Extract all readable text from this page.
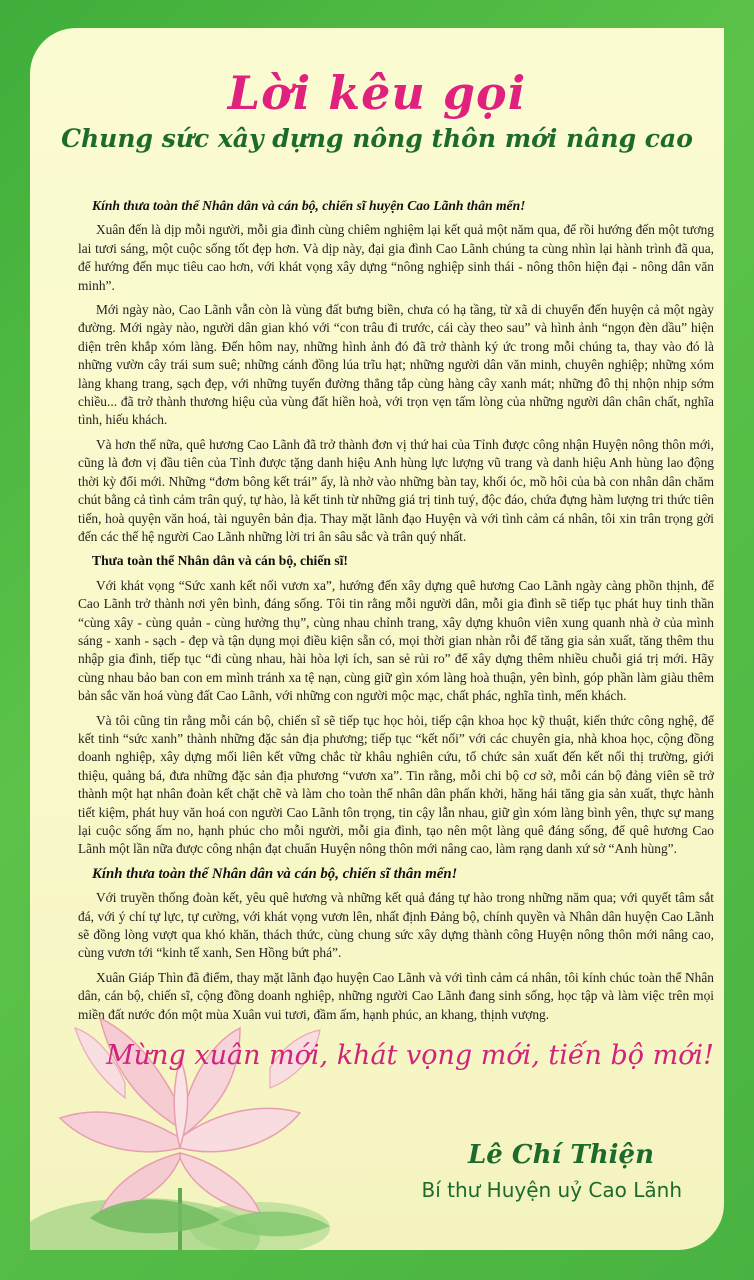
Lời kêu gọi
Chung sức xây dựng nông thôn mới nâng cao
Kính thưa toàn thể Nhân dân và cán bộ, chiến sĩ huyện Cao Lãnh thân mến!

Xuân đến là dịp mỗi người, mỗi gia đình cùng chiêm nghiệm lại kết quả một năm qua, để rồi hướng đến một tương lai tươi sáng, một cuộc sống tốt đẹp hơn. Và dịp này, đại gia đình Cao Lãnh chúng ta cùng nhìn lại hành trình đã qua, để hướng đến mục tiêu cao hơn, với khát vọng xây dựng “nông nghiệp sinh thái - nông thôn hiện đại - nông dân văn minh”.

Mới ngày nào, Cao Lãnh vẫn còn là vùng đất bưng biền, chưa có hạ tầng, từ xã di chuyển đến huyện cả một ngày đường. Mới ngày nào, người dân gian khó với “con trâu đi trước, cái cày theo sau” và hình ảnh “ngọn đèn dầu” hiện diện trên khắp xóm làng. Đến hôm nay, những hình ảnh đó đã trở thành ký ức trong mỗi chúng ta, thay vào đó là những vườn cây trái sum suê; những cánh đồng lúa trĩu hạt; những người dân văn minh, chuyên nghiệp; những xóm làng khang trang, sạch đẹp, với những tuyến đường thẳng tắp cùng hàng cây xanh mát; những đô thị nhộn nhịp sớm chiều... đã trở thành thương hiệu của vùng đất hiền hoà, với trọn vẹn tấm lòng của những người dân chân chất, nghĩa tình, hiếu khách.

Và hơn thế nữa, quê hương Cao Lãnh đã trở thành đơn vị thứ hai của Tỉnh được công nhận Huyện nông thôn mới, cũng là đơn vị đầu tiên của Tỉnh được tặng danh hiệu Anh hùng lực lượng vũ trang và danh hiệu Anh hùng lao động thời kỳ đổi mới. Những “đơm bông kết trái” ấy, là nhờ vào những bàn tay, khối óc, mồ hôi của bà con nhân dân chăm chút bằng cả tình cảm trân quý, tự hào, là kết tinh từ những giá trị tinh tuý, độc đáo, chứa đựng hàm lượng tri thức tiên tiến, hoà quyện văn hoá, tài nguyên bản địa. Thay mặt lãnh đạo Huyện và với tình cảm cá nhân, tôi xin trân trọng gởi đến các thế hệ người Cao Lãnh những lời tri ân sâu sắc và trân quý nhất.

Thưa toàn thể Nhân dân và cán bộ, chiến sĩ!

Với khát vọng “Sức xanh kết nối vươn xa”, hướng đến xây dựng quê hương Cao Lãnh ngày càng phồn thịnh, để Cao Lãnh trở thành nơi yên bình, đáng sống. Tôi tin rằng mỗi người dân, mỗi gia đình sẽ tiếp tục phát huy tinh thần “cùng xây - cùng quản - cùng hưởng thụ”, cùng nhau chỉnh trang, xây dựng khuôn viên xung quanh nhà ở của mình sáng - xanh - sạch - đẹp và tận dụng mọi điều kiện sẵn có, mọi thời gian nhàn rỗi để tăng gia sản xuất, tăng thêm thu nhập gia đình, tiếp tục “đi cùng nhau, hài hòa lợi ích, san sẻ rủi ro” để xây dựng thêm nhiều chuỗi giá trị mới. Hãy cùng nhau bảo ban con em mình tránh xa tệ nạn, cùng giữ gìn xóm làng hoà thuận, yên bình, góp phần làm giàu thêm bản sắc văn hoá vùng đất Cao Lãnh, với những con người mộc mạc, chất phác, nghĩa tình, mến khách.

Và tôi cũng tin rằng mỗi cán bộ, chiến sĩ sẽ tiếp tục học hỏi, tiếp cận khoa học kỹ thuật, kiến thức công nghệ, để kết tinh “sức xanh” thành những đặc sản địa phương; tiếp tục “kết nối” với các chuyên gia, nhà khoa học, cộng đồng doanh nghiệp, xây dựng mối liên kết vững chắc từ khâu nghiên cứu, tổ chức sản xuất đến kết nối thị trường, giới thiệu, quảng bá, đưa những đặc sản địa phương “vươn xa”. Tin rằng, mỗi chi bộ cơ sở, mỗi cán bộ đảng viên sẽ trở thành một hạt nhân đoàn kết chặt chẽ và làm cho toàn thể nhân dân phấn khởi, hăng hái tăng gia sản xuất, thực hành tiết kiệm, phát huy văn hoá con người Cao Lãnh tôn trọng, tin cậy lẫn nhau, giữ gìn xóm làng bình yên, thực sự mang lại cuộc sống ấm no, hạnh phúc cho mỗi người, mỗi gia đình, tạo nên một làng quê đáng sống, để quê hương Cao Lãnh một lần nữa được công nhận đạt chuẩn Huyện nông thôn mới nâng cao, làm rạng danh xứ sở “Anh hùng”.

Kính thưa toàn thể Nhân dân và cán bộ, chiến sĩ thân mến!

Với truyền thống đoàn kết, yêu quê hương và những kết quả đáng tự hào trong những năm qua; với quyết tâm sắt đá, với ý chí tự lực, tự cường, với khát vọng vươn lên, nhất định Đảng bộ, chính quyền và Nhân dân huyện Cao Lãnh sẽ đồng lòng vượt qua khó khăn, thách thức, cùng chung sức xây dựng thành công Huyện nông thôn mới nâng cao, cùng vươn tới “kinh tế xanh, Sen Hồng bứt phá”.

Xuân Giáp Thìn đã điểm, thay mặt lãnh đạo huyện Cao Lãnh và với tình cảm cá nhân, tôi kính chúc toàn thể Nhân dân, cán bộ, chiến sĩ, cộng đồng doanh nghiệp, những người Cao Lãnh đang sinh sống, học tập và làm việc trên mọi miền đất nước đón một mùa Xuân vui tươi, đầm ấm, hạnh phúc, an khang, thịnh vượng.

Mừng xuân mới, khát vọng mới, tiến bộ mới!
Lê Chí Thiện
Bí thư Huyện uỷ Cao Lãnh
